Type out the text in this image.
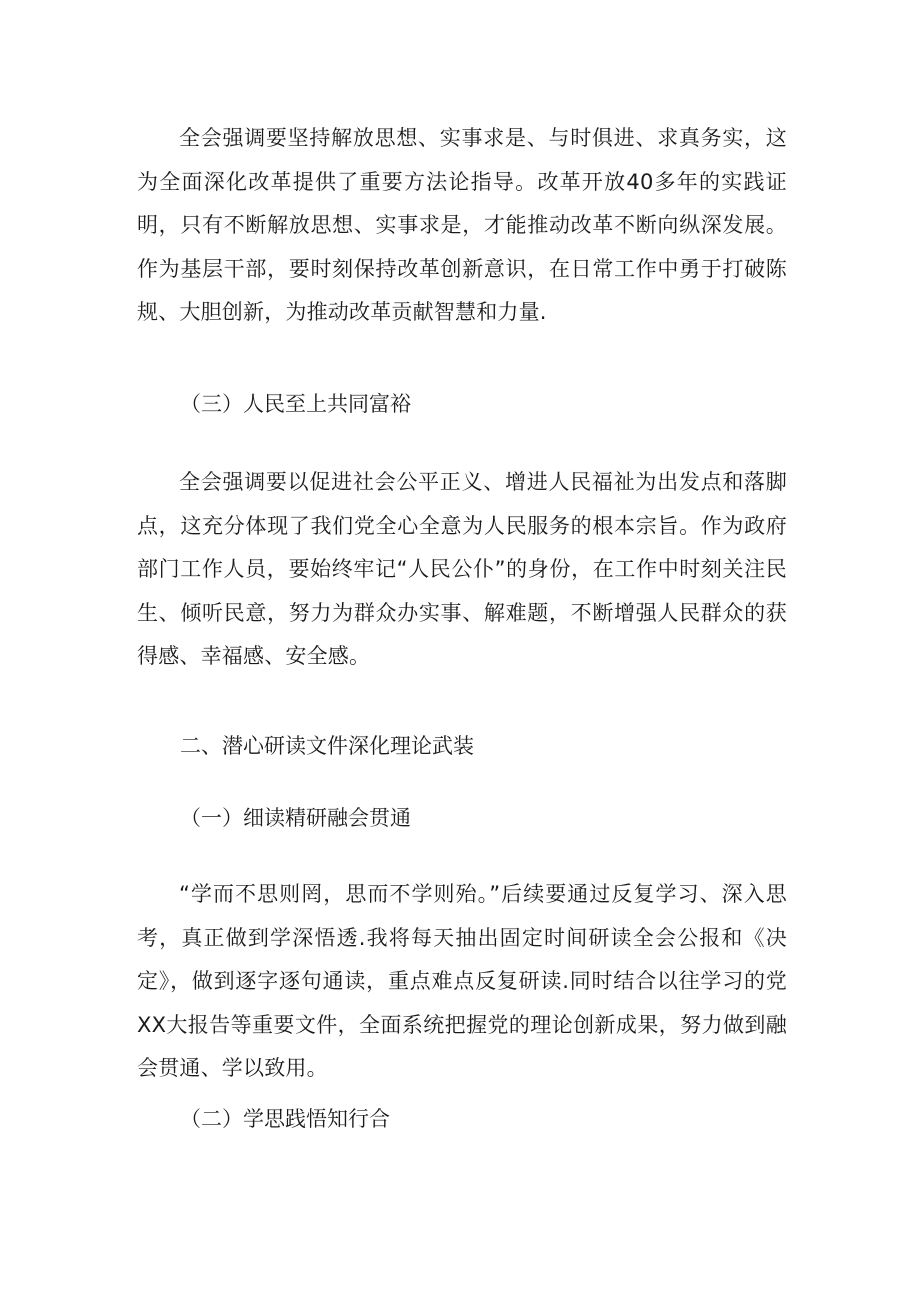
全会强调要坚持解放思想、实事求是、与时俱进、求真务实，这为全面深化改革提供了重要方法论指导。改革开放40多年的实践证明，只有不断解放思想、实事求是，才能推动改革不断向纵深发展。作为基层干部，要时刻保持改革创新意识，在日常工作中勇于打破陈规、大胆创新，为推动改革贡献智慧和力量.

（三）人民至上共同富裕

全会强调要以促进社会公平正义、增进人民福祉为出发点和落脚点，这充分体现了我们党全心全意为人民服务的根本宗旨。作为政府部门工作人员，要始终牢记“人民公仆”的身份，在工作中时刻关注民生、倾听民意，努力为群众办实事、解难题，不断增强人民群众的获得感、幸福感、安全感。

二、潜心研读文件深化理论武装

（一）细读精研融会贯通

“学而不思则罔，思而不学则殆。”后续要通过反复学习、深入思考，真正做到学深悟透.我将每天抽出固定时间研读全会公报和《决定》，做到逐字逐句通读，重点难点反复研读.同时结合以往学习的党XX大报告等重要文件，全面系统把握党的理论创新成果，努力做到融会贯通、学以致用。

（二）学思践悟知行合
